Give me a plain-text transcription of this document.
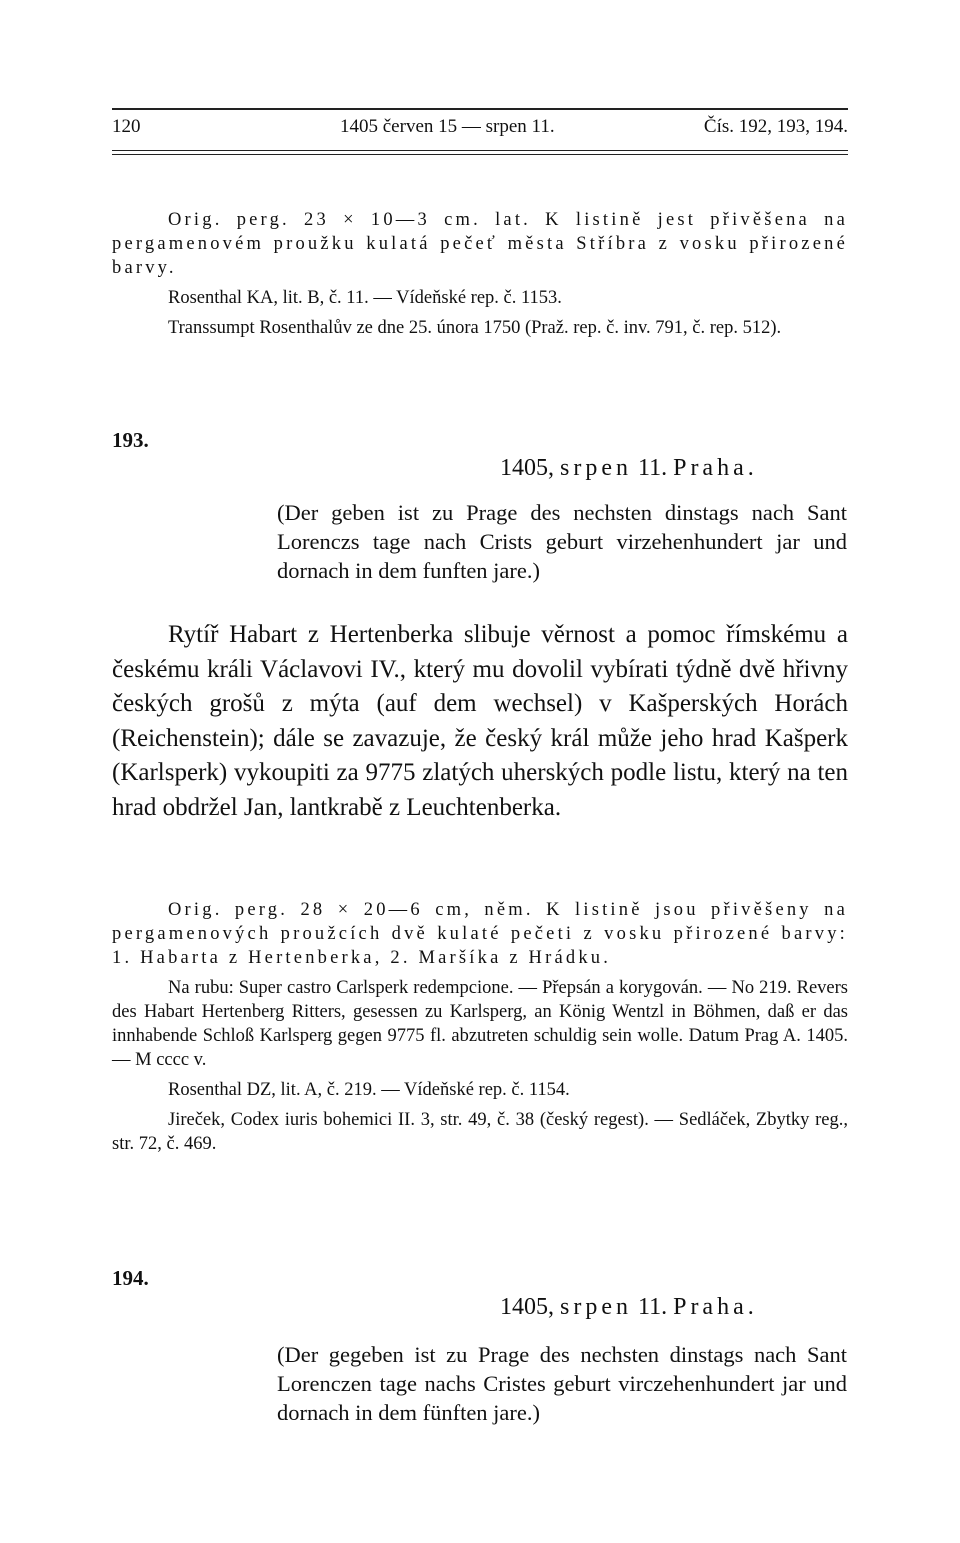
120	1405 červen 15 — srpen 11.	Čís. 192, 193, 194.

Orig. perg. 23 × 10—3 cm. lat. K listině jest přivěšena na pergamenovém proužku kulatá pečeť města Stříbra z vosku přirozené barvy.

Rosenthal KA, lit. B, č. 11. — Vídeňské rep. č. 1153.

Transsumpt Rosenthalův ze dne 25. února 1750 (Praž. rep. č. inv. 791, č. rep. 512).

193.
1405, srpen 11. Praha.
(Der geben ist zu Prage des nechsten dinstags nach Sant Lorenczs tage nach Crists geburt virzehenhundert jar und dornach in dem funften jare.)

Rytíř Habart z Hertenberka slibuje věrnost a pomoc římskému a českému králi Václavovi IV., který mu dovolil vybírati týdně dvě hřivny českých grošů z mýta (auf dem wechsel) v Kašperských Horách (Reichenstein); dále se zavazuje, že český král může jeho hrad Kašperk (Karlsperk) vykoupiti za 9775 zlatých uherských podle listu, který na ten hrad obdržel Jan, lantkrabě z Leuchtenberka.

Orig. perg. 28 × 20—6 cm, něm. K listině jsou přivěšeny na pergamenových proužcích dvě kulaté pečeti z vosku přirozené barvy: 1. Habarta z Hertenberka, 2. Maršíka z Hrádku.

Na rubu: Super castro Carlsperk redempcione. — Přepsán a korygován. — No 219. Revers des Habart Hertenberg Ritters, gesessen zu Karlsperg, an König Wentzl in Böhmen, daß er das innhabende Schloß Karlsperg gegen 9775 fl. abzutreten schuldig sein wolle. Datum Prag A. 1405. — M cccc v.

Rosenthal DZ, lit. A, č. 219. — Vídeňské rep. č. 1154.

Jireček, Codex iuris bohemici II. 3, str. 49, č. 38 (český regest). — Sedláček, Zbytky reg., str. 72, č. 469.

194.
1405, srpen 11. Praha.
(Der gegeben ist zu Prage des nechsten dinstags nach Sant Lorenczen tage nachs Cristes geburt virczehenhundert jar und dornach in dem fünften jare.)
